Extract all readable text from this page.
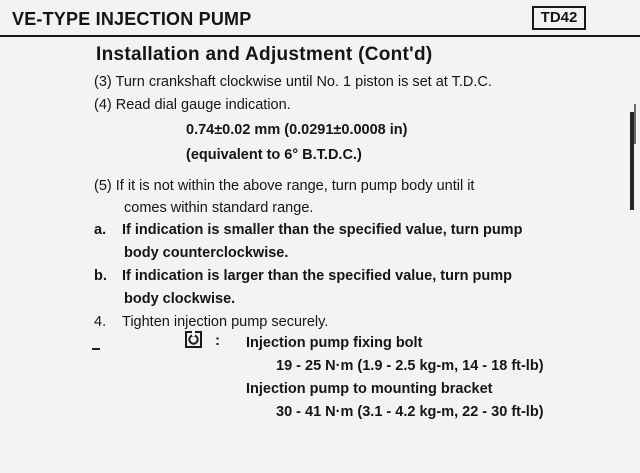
VE-TYPE INJECTION PUMP	TD42
Installation and Adjustment (Cont'd)
(3) Turn crankshaft clockwise until No. 1 piston is set at T.D.C.
(4) Read dial gauge indication.
0.74±0.02 mm (0.0291±0.0008 in)
(equivalent to 6° B.T.D.C.)
(5) If it is not within the above range, turn pump body until it
comes within standard range.
a. If indication is smaller than the specified value, turn pump
body counterclockwise.
b. If indication is larger than the specified value, turn pump
body clockwise.
4. Tighten injection pump securely.
: Injection pump fixing bolt
19 - 25 N·m (1.9 - 2.5 kg-m, 14 - 18 ft-lb)
Injection pump to mounting bracket
30 - 41 N·m (3.1 - 4.2 kg-m, 22 - 30 ft-lb)
